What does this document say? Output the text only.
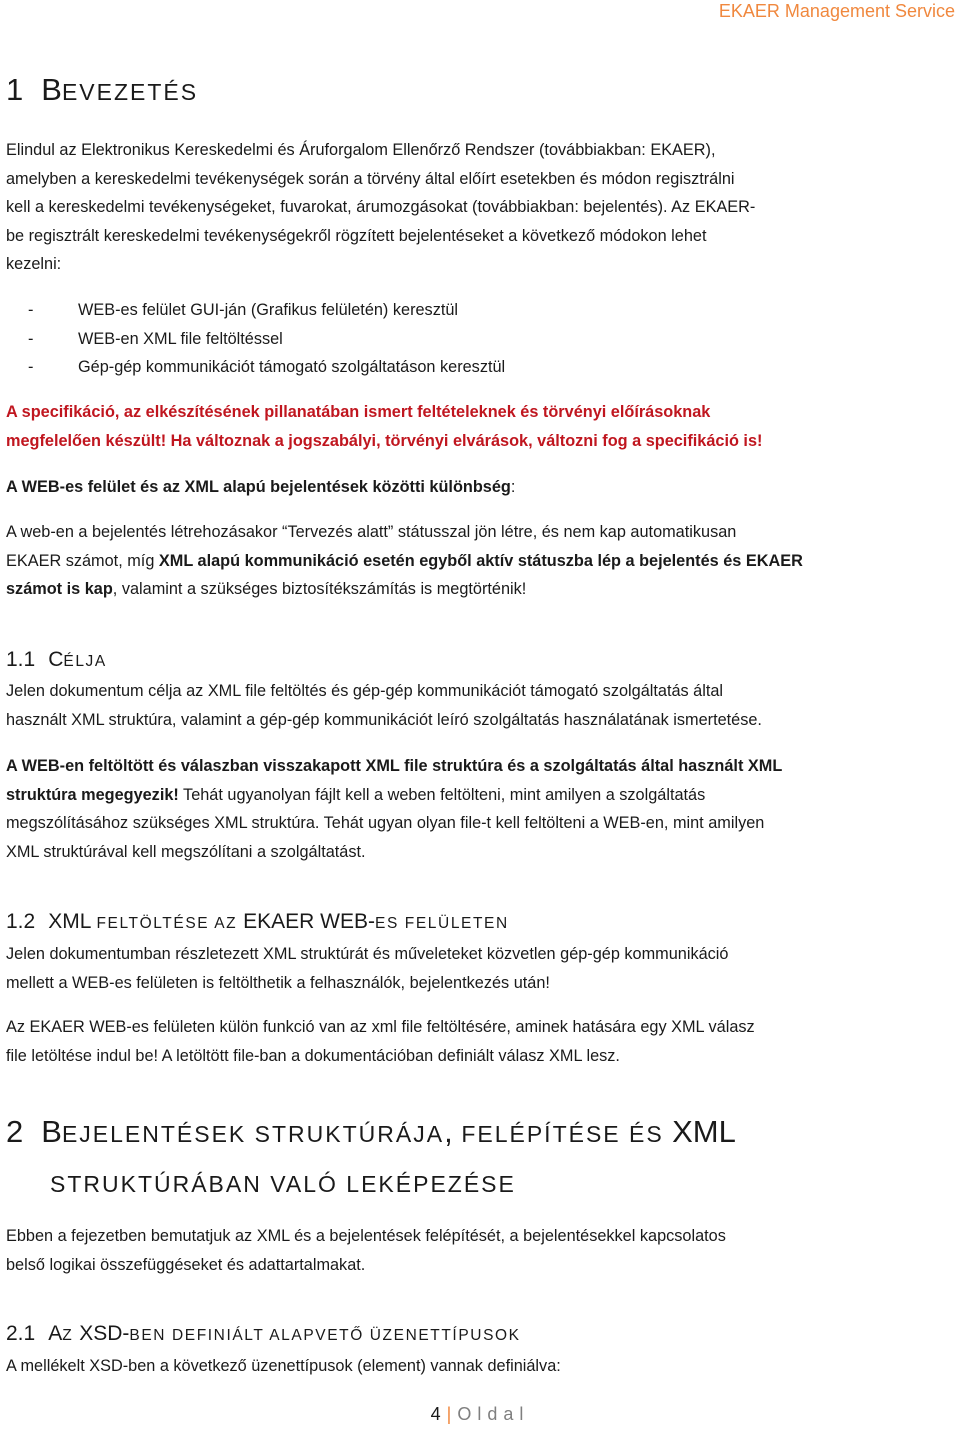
EKAER Management Service
1 BEVEZETÉS

Elindul az Elektronikus Kereskedelmi és Áruforgalom Ellenőrző Rendszer (továbbiakban: EKAER),

amelyben a kereskedelmi tevékenységek során a törvény által előírt esetekben és módon regisztrálni

kell a kereskedelmi tevékenységeket, fuvarokat, árumozgásokat (továbbiakban: bejelentés). Az EKAER-

be regisztrált kereskedelmi tevékenységekről rögzített bejelentéseket a következő módokon lehet

kezelni:

-	WEB-es felület GUI-ján (Grafikus felületén) keresztül
-	WEB-en XML file feltöltéssel
-	Gép-gép kommunikációt támogató szolgáltatáson keresztül

A specifikáció, az elkészítésének pillanatában ismert feltételeknek és törvényi előírásoknak

megfelelően készült! Ha változnak a jogszabályi, törvényi elvárások, változni fog a specifikáció is!

A WEB-es felület és az XML alapú bejelentések közötti különbség:

A web-en a bejelentés létrehozásakor “Tervezés alatt” státusszal jön létre, és nem kap automatikusan

EKAER számot, míg XML alapú kommunikáció esetén egyből aktív státuszba lép a bejelentés és EKAER

számot is kap, valamint a szükséges biztosítékszámítás is megtörténik!

1.1 CÉLJA

Jelen dokumentum célja az XML file feltöltés és gép-gép kommunikációt támogató szolgáltatás által

használt XML struktúra, valamint a gép-gép kommunikációt leíró szolgáltatás használatának ismertetése.

A WEB-en feltöltött és válaszban visszakapott XML file struktúra és a szolgáltatás által használt XML

struktúra megegyezik! Tehát ugyanolyan fájlt kell a weben feltölteni, mint amilyen a szolgáltatás

megszólításához szükséges XML struktúra. Tehát ugyan olyan file-t kell feltölteni a WEB-en, mint amilyen

XML struktúrával kell megszólítani a szolgáltatást.

1.2 XML FELTÖLTÉSE AZ EKAER WEB-ES FELÜLETEN

Jelen dokumentumban részletezett XML struktúrát és műveleteket közvetlen gép-gép kommunikáció

mellett a WEB-es felületen is feltölthetik a felhasználók, bejelentkezés után!

Az EKAER WEB-es felületen külön funkció van az xml file feltöltésére, aminek hatására egy XML válasz

file letöltése indul be! A letöltött file-ban a dokumentációban definiált válasz XML lesz.

2 BEJELENTÉSEK STRUKTÚRÁJA, FELÉPÍTÉSE ÉS XML
STRUKTÚRÁBAN VALÓ LEKÉPEZÉSE

Ebben a fejezetben bemutatjuk az XML és a bejelentések felépítését, a bejelentésekkel kapcsolatos

belső logikai összefüggéseket és adattartalmakat.

2.1 AZ XSD-BEN DEFINIÁLT ALAPVETŐ ÜZENETTÍPUSOK

A mellékelt XSD-ben a következő üzenettípusok (element) vannak definiálva:

4 | Oldal
